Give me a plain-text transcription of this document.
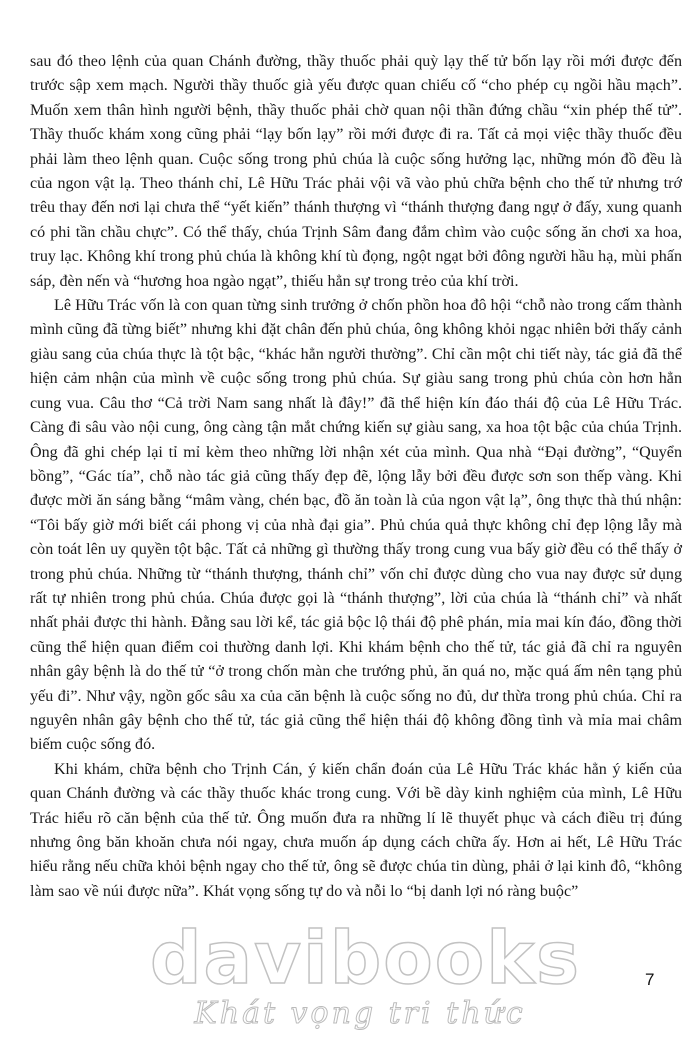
sau đó theo lệnh của quan Chánh đường, thầy thuốc phải quỳ lạy thế tử bốn lạy rồi mới được đến trước sập xem mạch. Người thầy thuốc già yếu được quan chiếu cố “cho phép cụ ngồi hầu mạch”. Muốn xem thân hình người bệnh, thầy thuốc phải chờ quan nội thần đứng chầu “xin phép thế tử”. Thầy thuốc khám xong cũng phải “lạy bốn lạy” rồi mới được đi ra. Tất cả mọi việc thầy thuốc đều phải làm theo lệnh quan. Cuộc sống trong phủ chúa là cuộc sống hưởng lạc, những món đồ đều là của ngon vật lạ. Theo thánh chỉ, Lê Hữu Trác phải vội vã vào phủ chữa bệnh cho thế tử nhưng trớ trêu thay đến nơi lại chưa thể “yết kiến” thánh thượng vì “thánh thượng đang ngự ở đấy, xung quanh có phi tần chầu chực”. Có thể thấy, chúa Trịnh Sâm đang đắm chìm vào cuộc sống ăn chơi xa hoa, truy lạc. Không khí trong phủ chúa là không khí tù đọng, ngột ngạt bởi đông người hầu hạ, mùi phấn sáp, đèn nến và “hương hoa ngào ngạt”, thiếu hẳn sự trong trẻo của khí trời.

Lê Hữu Trác vốn là con quan từng sinh trưởng ở chốn phồn hoa đô hội “chỗ nào trong cấm thành mình cũng đã từng biết” nhưng khi đặt chân đến phủ chúa, ông không khỏi ngạc nhiên bởi thấy cảnh giàu sang của chúa thực là tột bậc, “khác hẳn người thường”. Chỉ cần một chi tiết này, tác giả đã thể hiện cảm nhận của mình về cuộc sống trong phủ chúa. Sự giàu sang trong phủ chúa còn hơn hẳn cung vua. Câu thơ “Cả trời Nam sang nhất là đây!” đã thể hiện kín đáo thái độ của Lê Hữu Trác. Càng đi sâu vào nội cung, ông càng tận mắt chứng kiến sự giàu sang, xa hoa tột bậc của chúa Trịnh. Ông đã ghi chép lại tỉ mỉ kèm theo những lời nhận xét của mình. Qua nhà “Đại đường”, “Quyển bồng”, “Gác tía”, chỗ nào tác giả cũng thấy đẹp đẽ, lộng lẫy bởi đều được sơn son thếp vàng. Khi được mời ăn sáng bằng “mâm vàng, chén bạc, đồ ăn toàn là của ngon vật lạ”, ông thực thà thú nhận: “Tôi bấy giờ mới biết cái phong vị của nhà đại gia”. Phủ chúa quả thực không chỉ đẹp lộng lẫy mà còn toát lên uy quyền tột bậc. Tất cả những gì thường thấy trong cung vua bấy giờ đều có thể thấy ở trong phủ chúa. Những từ “thánh thượng, thánh chỉ” vốn chỉ được dùng cho vua nay được sử dụng rất tự nhiên trong phủ chúa. Chúa được gọi là “thánh thượng”, lời của chúa là “thánh chỉ” và nhất nhất phải được thi hành. Đằng sau lời kể, tác giả bộc lộ thái độ phê phán, mỉa mai kín đáo, đồng thời cũng thể hiện quan điểm coi thường danh lợi. Khi khám bệnh cho thế tử, tác giả đã chỉ ra nguyên nhân gây bệnh là do thế tử “ở trong chốn màn che trướng phủ, ăn quá no, mặc quá ấm nên tạng phủ yếu đi”. Như vậy, ngồn gốc sâu xa của căn bệnh là cuộc sống no đủ, dư thừa trong phủ chúa. Chỉ ra nguyên nhân gây bệnh cho thế tử, tác giả cũng thể hiện thái độ không đồng tình và mỉa mai châm biếm cuộc sống đó.

Khi khám, chữa bệnh cho Trịnh Cán, ý kiến chẩn đoán của Lê Hữu Trác khác hẳn ý kiến của quan Chánh đường và các thầy thuốc khác trong cung. Với bề dày kinh nghiệm của mình, Lê Hữu Trác hiểu rõ căn bệnh của thế tử. Ông muốn đưa ra những lí lẽ thuyết phục và cách điều trị đúng nhưng ông băn khoăn chưa nói ngay, chưa muốn áp dụng cách chữa ấy. Hơn ai hết, Lê Hữu Trác hiểu rằng nếu chữa khỏi bệnh ngay cho thế tử, ông sẽ được chúa tin dùng, phải ở lại kinh đô, “không làm sao về núi được nữa”. Khát vọng sống tự do và nỗi lo “bị danh lợi nó ràng buộc”

7
davibooks
Khát vọng tri thức
